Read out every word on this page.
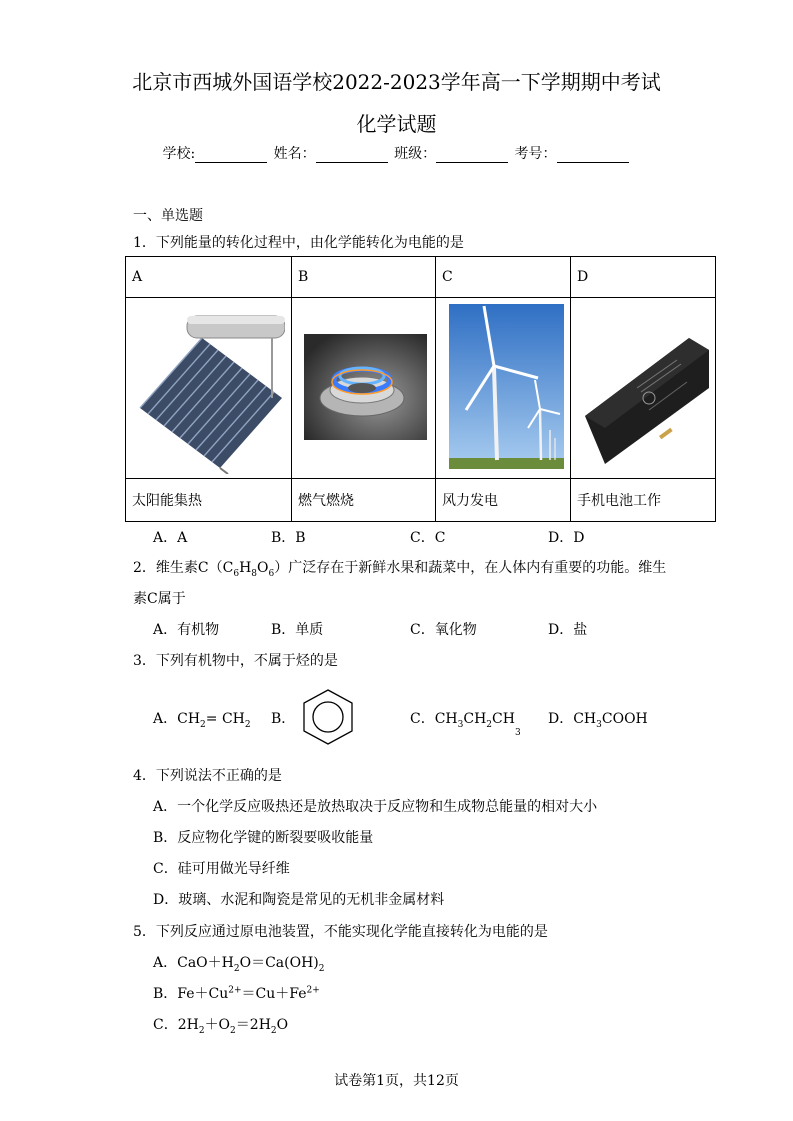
北京市西城外国语学校2022-2023学年高一下学期期中考试
化学试题
学校:	姓名：	班级：	考号：
一、单选题
1．下列能量的转化过程中，由化学能转化为电能的是
A	B	C	D

太阳能集热	燃气燃烧	风力发电	手机电池工作
A．A	B．B	C．C	D．D
2．维生素$C(C_6H_8O_6)$广泛存在于新鲜水果和蔬菜中，在人体内有重要的功能。维生
素C属于
A．有机物	B．单质	C．氧化物	D．盐
3．下列有机物中，不属于烃的是
A．$CH_2= CH_2$ B．	C．$CH_3CH_2CH_3$
D．$CH_3COOH$
4．下列说法不正确的是
A．一个化学反应吸热还是放热取决于反应物和生成物总能量的相对大小
B．反应物化学键的断裂要吸收能量
C．硅可用做光导纤维
D．玻璃、水泥和陶瓷是常见的无机非金属材料
5．下列反应通过原电池装置，不能实现化学能直接转化为电能的是
A．$CaO+H_2O=Ca(OH)_2$
B．$Fe+Cu^{2+}=Cu+Fe^{2+}$
C．$2H_2+O_2=2H_2O$
试卷第1页，共12页
